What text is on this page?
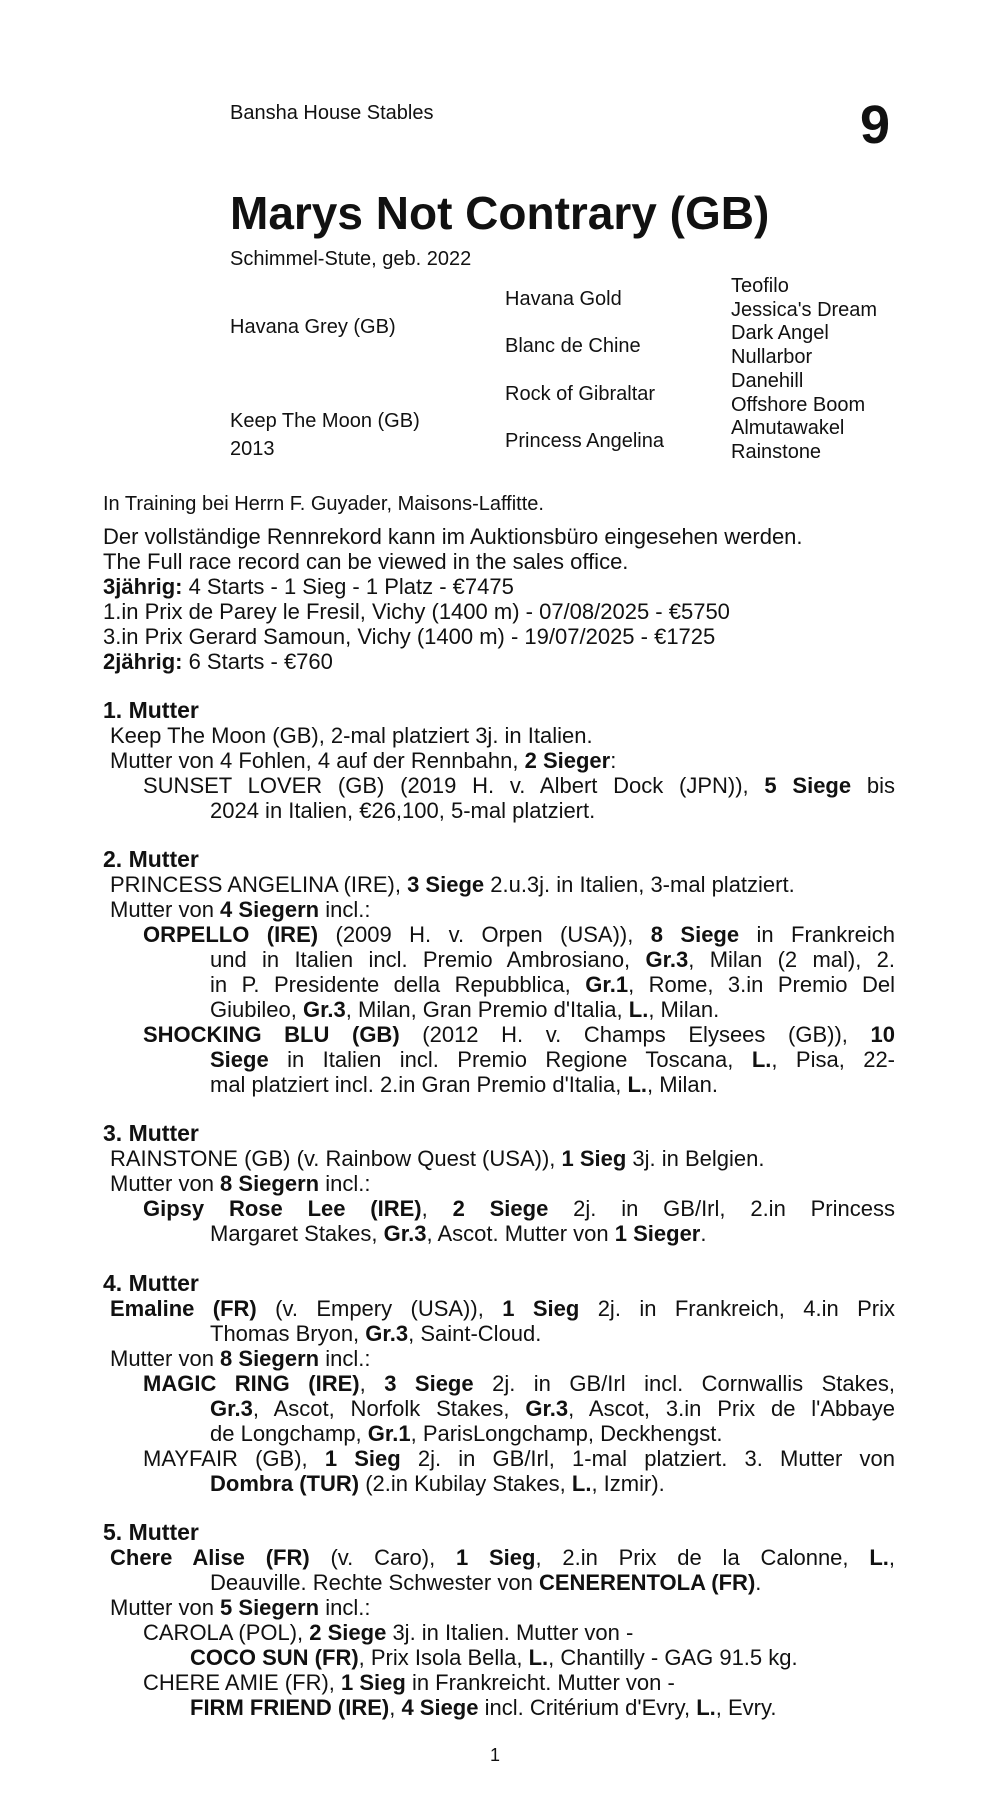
Bansha House Stables	9
Marys Not Contrary (GB)
Schimmel-Stute, geb. 2022
Havana Grey (GB)
Keep The Moon (GB)
2013
Havana Gold
Blanc de Chine
Rock of Gibraltar
Princess Angelina
Teofilo
Jessica's Dream
Dark Angel
Nullarbor
Danehill
Offshore Boom
Almutawakel
Rainstone
In Training bei Herrn F. Guyader, Maisons-Laffitte.
Der vollständige Rennrekord kann im Auktionsbüro eingesehen werden.
The Full race record can be viewed in the sales office.
3jährig: 4 Starts - 1 Sieg - 1 Platz - €7475
1.in Prix de Parey le Fresil, Vichy (1400 m) - 07/08/2025 - €5750
3.in Prix Gerard Samoun, Vichy (1400 m) - 19/07/2025 - €1725
2jährig: 6 Starts - €760
1. Mutter
Keep The Moon (GB), 2-mal platziert 3j. in Italien.
Mutter von 4 Fohlen, 4 auf der Rennbahn, 2 Sieger:
SUNSET LOVER (GB) (2019 H. v. Albert Dock (JPN)), 5 Siege bis
2024 in Italien, €26,100, 5-mal platziert.
2. Mutter
PRINCESS ANGELINA (IRE), 3 Siege 2.u.3j. in Italien, 3-mal platziert.
Mutter von 4 Siegern incl.:
ORPELLO (IRE) (2009 H. v. Orpen (USA)), 8 Siege in Frankreich
und in Italien incl. Premio Ambrosiano, Gr.3, Milan (2 mal), 2.
in P. Presidente della Repubblica, Gr.1, Rome, 3.in Premio Del
Giubileo, Gr.3, Milan, Gran Premio d'Italia, L., Milan.
SHOCKING BLU (GB) (2012 H. v. Champs Elysees (GB)), 10
Siege in Italien incl. Premio Regione Toscana, L., Pisa, 22-
mal platziert incl. 2.in Gran Premio d'Italia, L., Milan.
3. Mutter
RAINSTONE (GB) (v. Rainbow Quest (USA)), 1 Sieg 3j. in Belgien.
Mutter von 8 Siegern incl.:
Gipsy Rose Lee (IRE), 2 Siege 2j. in GB/Irl, 2.in Princess
Margaret Stakes, Gr.3, Ascot. Mutter von 1 Sieger.
4. Mutter
Emaline (FR) (v. Empery (USA)), 1 Sieg 2j. in Frankreich, 4.in Prix
Thomas Bryon, Gr.3, Saint-Cloud.
Mutter von 8 Siegern incl.:
MAGIC RING (IRE), 3 Siege 2j. in GB/Irl incl. Cornwallis Stakes,
Gr.3, Ascot, Norfolk Stakes, Gr.3, Ascot, 3.in Prix de l'Abbaye
de Longchamp, Gr.1, ParisLongchamp, Deckhengst.
MAYFAIR (GB), 1 Sieg 2j. in GB/Irl, 1-mal platziert. 3. Mutter von
Dombra (TUR) (2.in Kubilay Stakes, L., Izmir).
5. Mutter
Chere Alise (FR) (v. Caro), 1 Sieg, 2.in Prix de la Calonne, L.,
Deauville. Rechte Schwester von CENERENTOLA (FR).
Mutter von 5 Siegern incl.:
CAROLA (POL), 2 Siege 3j. in Italien. Mutter von -
COCO SUN (FR), Prix Isola Bella, L., Chantilly - GAG 91.5 kg.
CHERE AMIE (FR), 1 Sieg in Frankreicht. Mutter von -
FIRM FRIEND (IRE), 4 Siege incl. Critérium d'Evry, L., Evry.
1
